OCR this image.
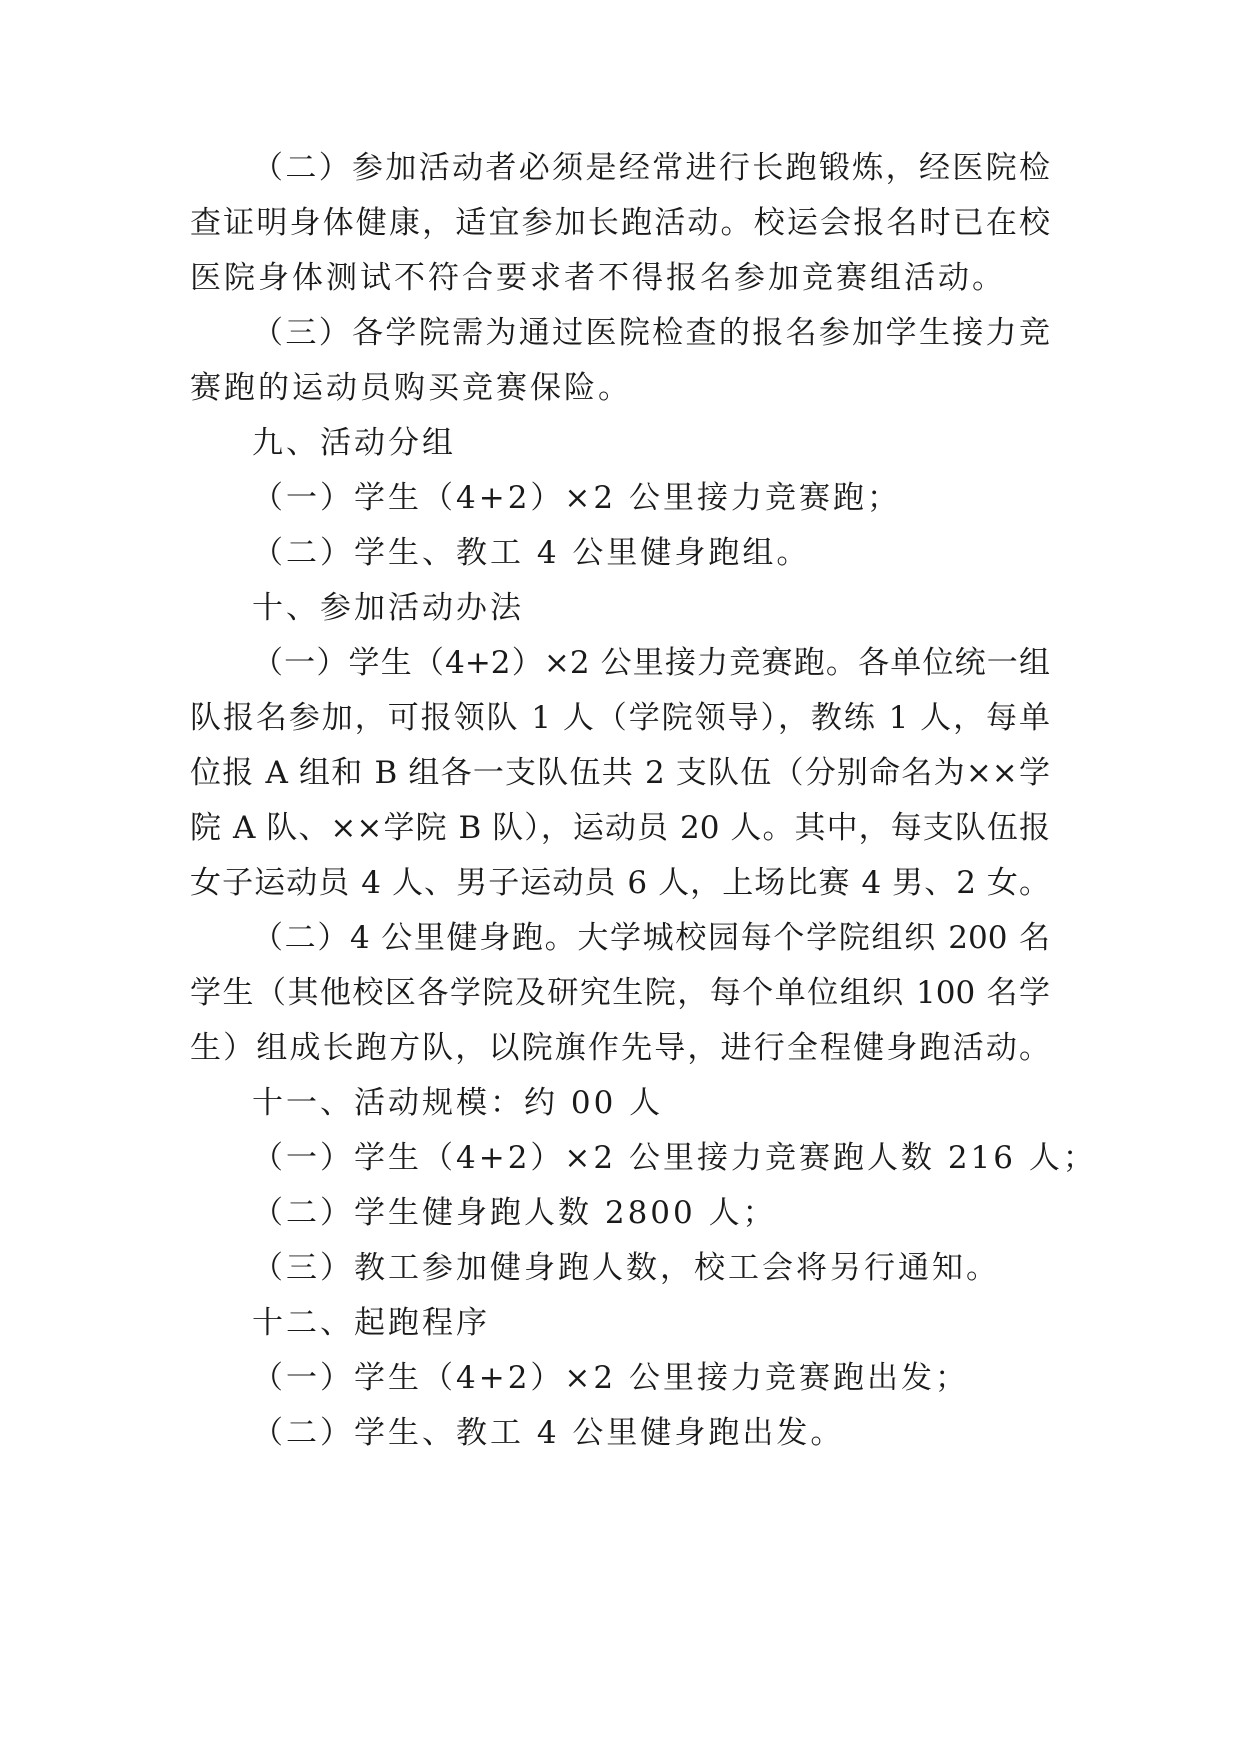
（二）参加活动者必须是经常进行长跑锻炼，经医院检
查证明身体健康，适宜参加长跑活动。校运会报名时已在校
医院身体测试不符合要求者不得报名参加竞赛组活动。
（三）各学院需为通过医院检查的报名参加学生接力竞
赛跑的运动员购买竞赛保险。
九、活动分组
（一）学生（4+2）×2 公里接力竞赛跑；
（二）学生、教工 4 公里健身跑组。
十、参加活动办法
（一）学生（4+2）×2 公里接力竞赛跑。各单位统一组
队报名参加，可报领队 1 人（学院领导），教练 1 人，每单
位报 A 组和 B 组各一支队伍共 2 支队伍（分别命名为××学
院 A 队、××学院 B 队），运动员 20 人。其中，每支队伍报
女子运动员 4 人、男子运动员 6 人，上场比赛 4 男、2 女。
（二）4 公里健身跑。大学城校园每个学院组织 200 名
学生（其他校区各学院及研究生院，每个单位组织 100 名学
生）组成长跑方队，以院旗作先导，进行全程健身跑活动。
十一、活动规模：约 00 人
（一）学生（4+2）×2 公里接力竞赛跑人数 216 人；
（二）学生健身跑人数 2800 人；
（三）教工参加健身跑人数，校工会将另行通知。
十二、起跑程序
（一）学生（4+2）×2 公里接力竞赛跑出发；
（二）学生、教工 4 公里健身跑出发。
